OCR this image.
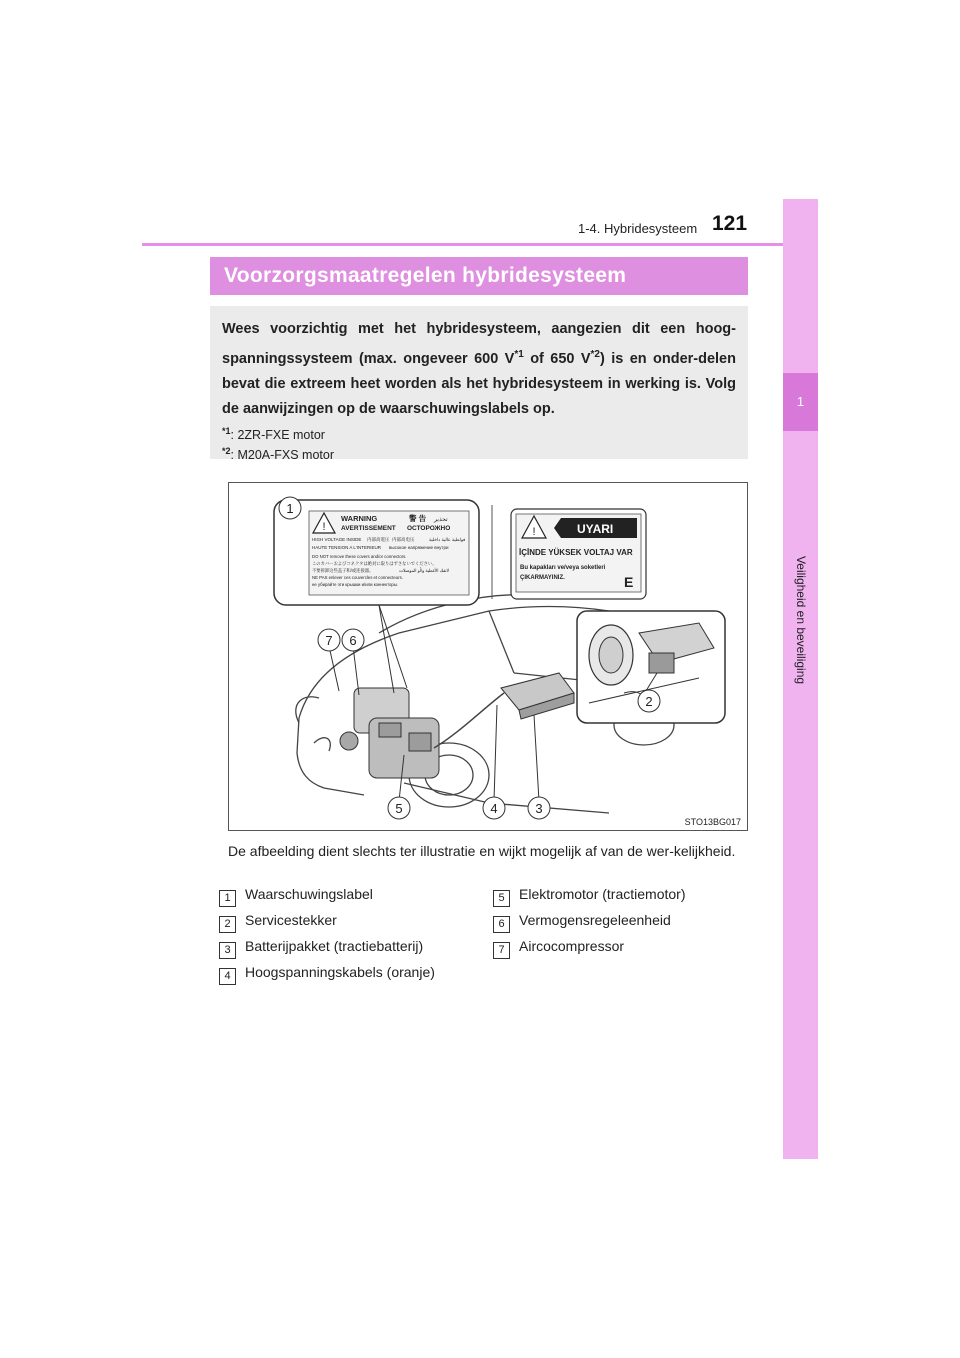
1-4. Hybridesysteem 121
1
Veiligheid en beveiliging
Voorzorgsmaatregelen hybridesysteem
Wees voorzichtig met het hybridesysteem, aangezien dit een hoog-spanningssysteem (max. ongeveer 600 $V^{*1}$ of 650 $V^{*2}$) is en onder-delen bevat die extreem heet worden als het hybridesysteem in werking is. Volg de aanwijzingen op de waarschuwingslabels op.
$^{*1}$: 2ZR-FXE motor
$^{*2}$: M20A-FXS motor
!
WARNING	警 告 تحذير
AVERTISSEMENT ОСТОРОЖНО
HIGH VOLTAGE INSIDE 内部高電圧 内部高电压	فولطية عالية داخلية
HAUTE TENSION A L'INTERIEUR высокое напряжение внутри
DO NOT remove these covers and/or connectors.
このカバーおよびコネクタは絶対に取りはずさないでください。
不要拆卸这些盖子和/或连接器。	لاتفك الأغطية و/أو الموصلات
NE PAS enlever ces couvercles et connecteurs.
не убирайте эти крышки и/или коннекторы.
!	UYARI
İÇİNDE YÜKSEK VOLTAJ VAR
Bu kapakları ve/veya soketleri
ÇIKARMAYINIZ.	E
1
2
3
4
5
6
7
STO13BG017
De afbeelding dient slechts ter illustratie en wijkt mogelijk af van de wer-kelijkheid.
1 Waarschuwingslabel
2 Servicestekker
3 Batterijpakket (tractiebatterij)
4 Hoogspanningskabels (oranje)
5 Elektromotor (tractiemotor)
6 Vermogensregeleenheid
7 Aircocompressor
